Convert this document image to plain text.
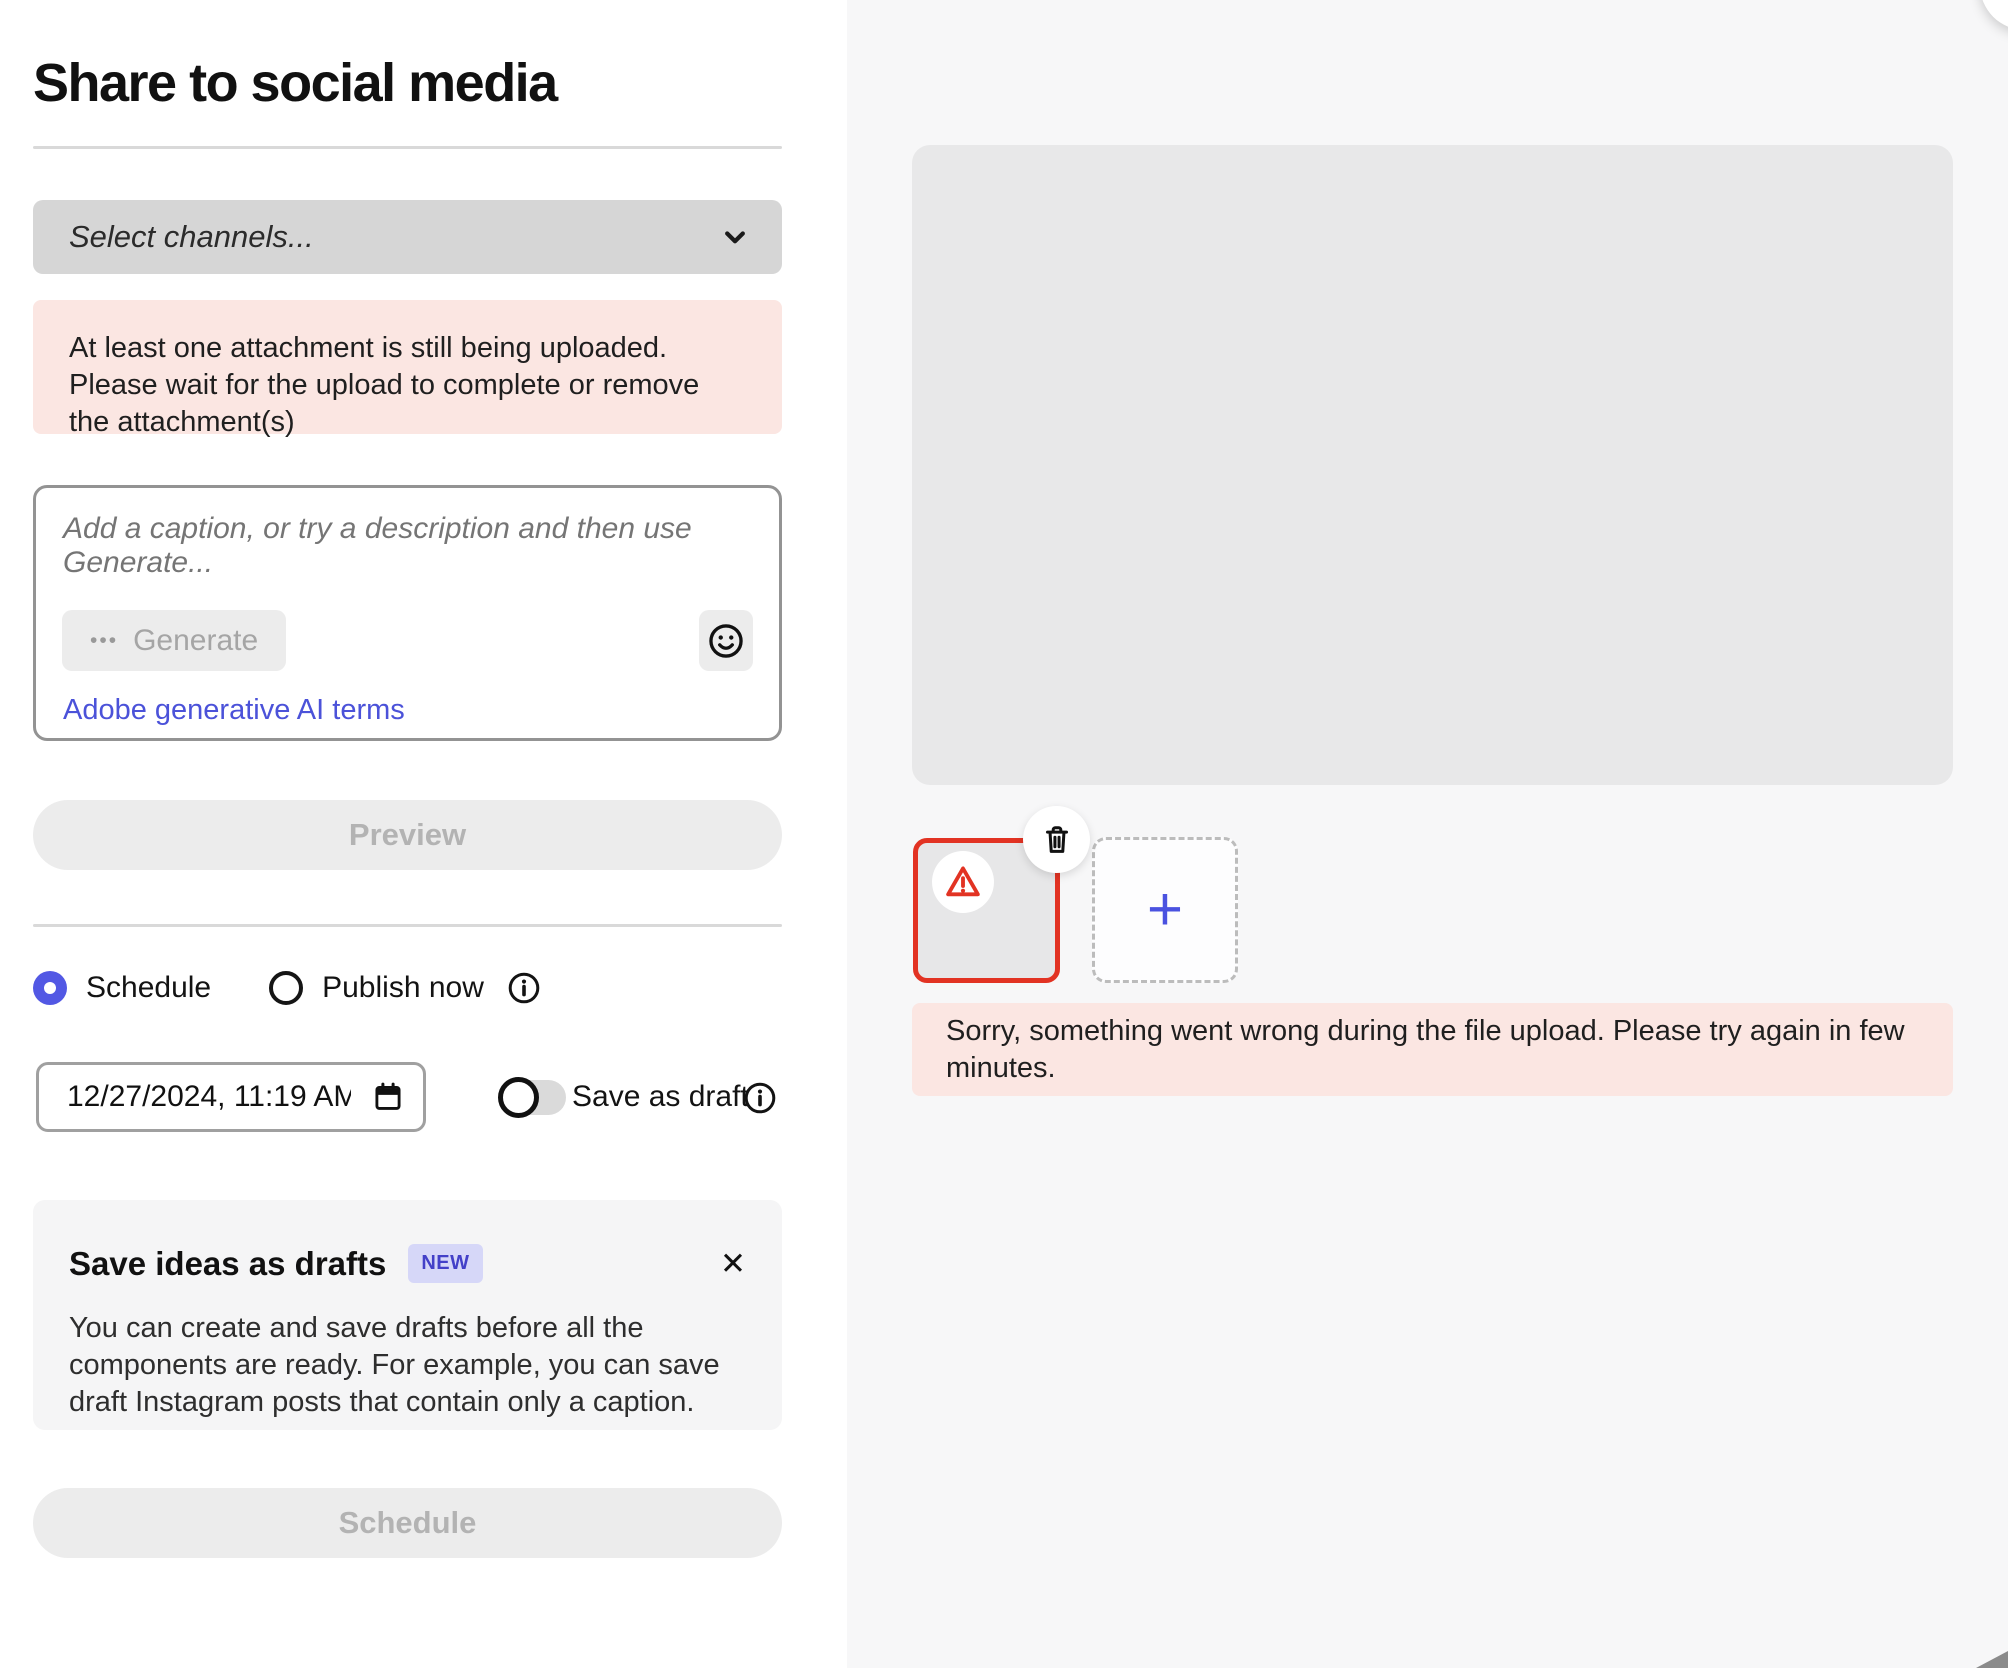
Share to social media
Select channels...
At least one attachment is still being uploaded. Please wait for the upload to complete or remove the attachment(s)
Add a caption, or try a description and then use Generate...
••• Generate
Adobe generative AI terms
Preview
Schedule	Publish now
12/27/2024, 11:19 AM
Save as draft
Save ideas as drafts	NEW	✕

You can create and save drafts before all the components are ready. For example, you can save draft Instagram posts that contain only a caption.

Schedule
+
Sorry, something went wrong during the file upload. Please try again in few minutes.
